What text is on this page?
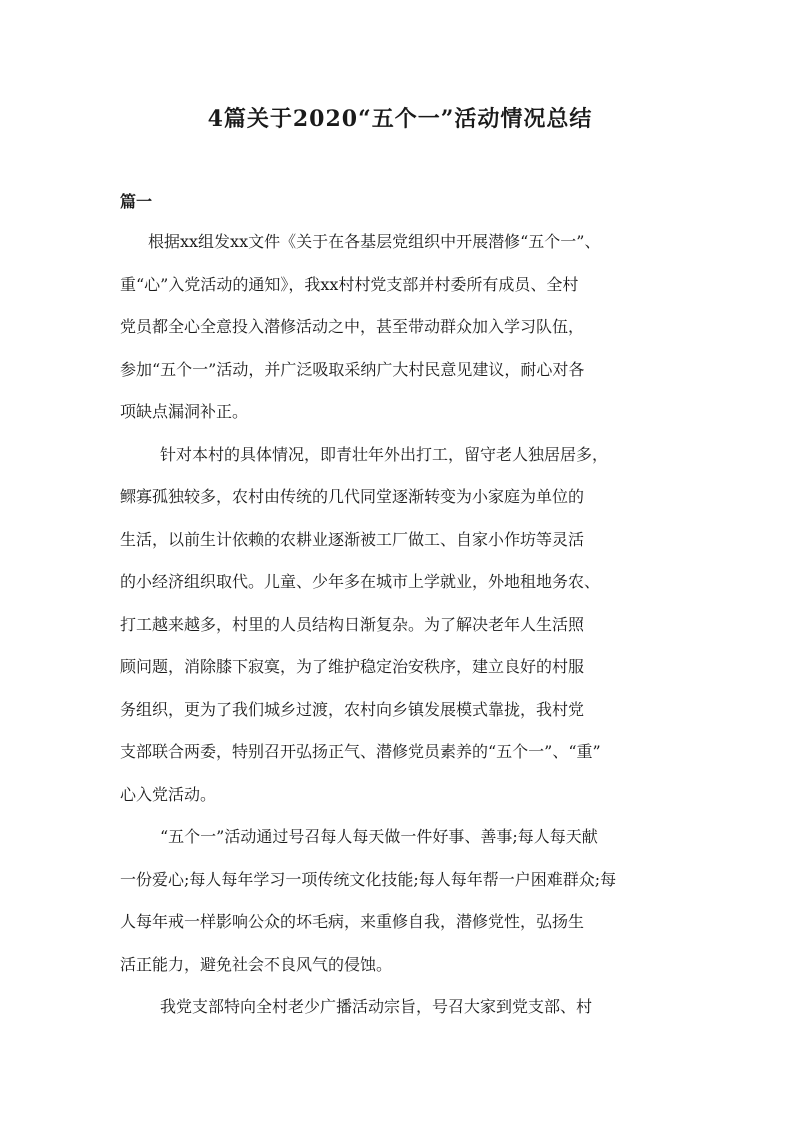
4篇关于2020“五个一”活动情况总结
篇一
根据xx组发xx文件《关于在各基层党组织中开展潜修“五个一”、
重“心”入党活动的通知》，我xx村村党支部并村委所有成员、全村
党员都全心全意投入潜修活动之中，甚至带动群众加入学习队伍，
参加“五个一”活动，并广泛吸取采纳广大村民意见建议，耐心对各
项缺点漏洞补正。
针对本村的具体情况，即青壮年外出打工，留守老人独居居多，
鳏寡孤独较多，农村由传统的几代同堂逐渐转变为小家庭为单位的
生活，以前生计依赖的农耕业逐渐被工厂做工、自家小作坊等灵活
的小经济组织取代。儿童、少年多在城市上学就业，外地租地务农、
打工越来越多，村里的人员结构日渐复杂。为了解决老年人生活照
顾问题，消除膝下寂寞，为了维护稳定治安秩序，建立良好的村服
务组织，更为了我们城乡过渡，农村向乡镇发展模式靠拢，我村党
支部联合两委，特别召开弘扬正气、潜修党员素养的“五个一”、“重”
心入党活动。
“五个一”活动通过号召每人每天做一件好事、善事;每人每天献
一份爱心;每人每年学习一项传统文化技能;每人每年帮一户困难群众;每
人每年戒一样影响公众的坏毛病，来重修自我，潜修党性，弘扬生
活正能力，避免社会不良风气的侵蚀。
我党支部特向全村老少广播活动宗旨，号召大家到党支部、村
